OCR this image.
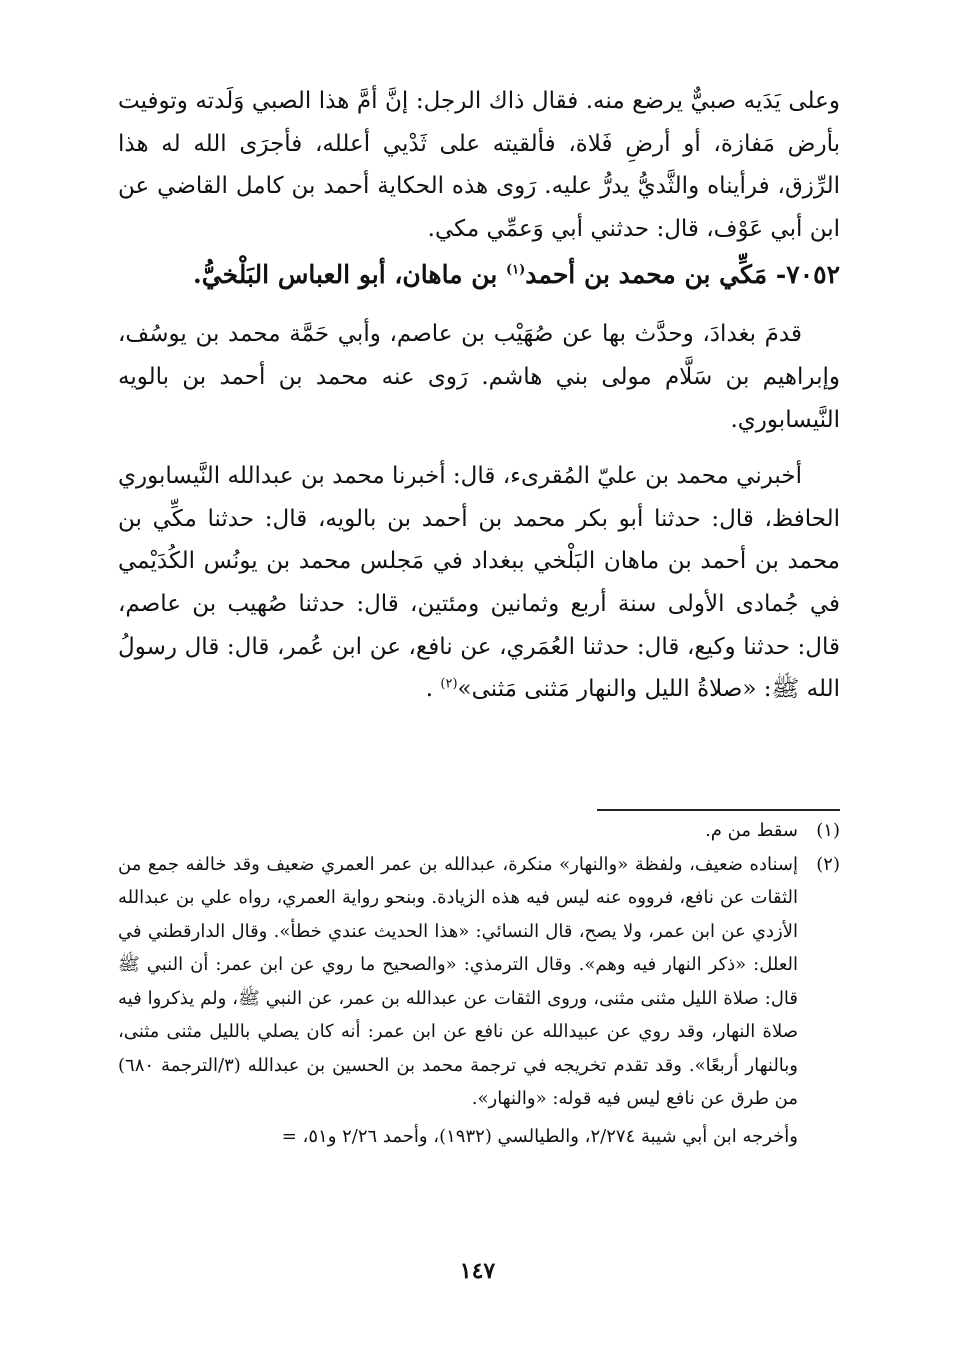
وعلى يَدَيه صبيٌّ يرضع منه. فقال ذاك الرجل: إنَّ أمَّ هذا الصبي وَلَدته وتوفيت بأرض مَفازة، أو أرضِ فَلاة، فألقيته على ثَدْيي أعلله، فأجرَى الله له هذا الرِّزق، فرأيناه والثَّديُّ يدرُّ عليه. رَوى هذه الحكاية أحمد بن كامل القاضي عن ابن أبي عَوْف، قال: حدثني أبي وَعمِّي مكي.

٧٠٥٢- مَكِّي بن محمد بن أحمد$^{(١)}$ بن ماهان، أبو العباس البَلْخيُّ.

قدمَ بغدادَ، وحدَّث بها عن صُهَيْب بن عاصم، وأبي حَمَّة محمد بن يوسُف، وإبراهيم بن سَلَّام مولى بني هاشم. رَوى عنه محمد بن أحمد بن بالويه النَّيسابوري.

أخبرني محمد بن عليّ المُقرىء، قال: أخبرنا محمد بن عبدالله النَّيسابوري الحافظ، قال: حدثنا أبو بكر محمد بن أحمد بن بالويه، قال: حدثنا مكِّي بن محمد بن أحمد بن ماهان البَلْخي ببغداد في مَجلس محمد بن يونُس الكُدَيْمي في جُمادى الأولى سنة أربع وثمانين ومئتين، قال: حدثنا صُهيب بن عاصم، قال: حدثنا وكيع، قال: حدثنا العُمَري، عن نافع، عن ابن عُمر، قال: قال رسولُ الله ﷺ: «صلاةُ الليل والنهار مَثنى مَثنى»$^{(٢)}$ .

(١)

سقط من م.

(٢)

إسناده ضعيف، ولفظة «والنهار» منكرة، عبدالله بن عمر العمري ضعيف وقد خالفه جمع من الثقات عن نافع، فرووه عنه ليس فيه هذه الزيادة. وبنحو رواية العمري، رواه علي بن عبدالله الأزدي عن ابن عمر، ولا يصح، قال النسائي: «هذا الحديث عندي خطأ». وقال الدارقطني في العلل: «ذكر النهار فيه وهم». وقال الترمذي: «والصحيح ما روي عن ابن عمر: أن النبي ﷺ قال: صلاة الليل مثنى مثنى، وروى الثقات عن عبدالله بن عمر، عن النبي ﷺ، ولم يذكروا فيه صلاة النهار، وقد روي عن عبيدالله عن نافع عن ابن عمر: أنه كان يصلي بالليل مثنى مثنى، وبالنهار أربعًا». وقد تقدم تخريجه في ترجمة محمد بن الحسين بن عبدالله (٣/الترجمة ٦٨٠) من طرق عن نافع ليس فيه قوله: «والنهار».

وأخرجه ابن أبي شيبة ٢/٢٧٤، والطيالسي (١٩٣٢)، وأحمد ٢/٢٦ و٥١، =

١٤٧
